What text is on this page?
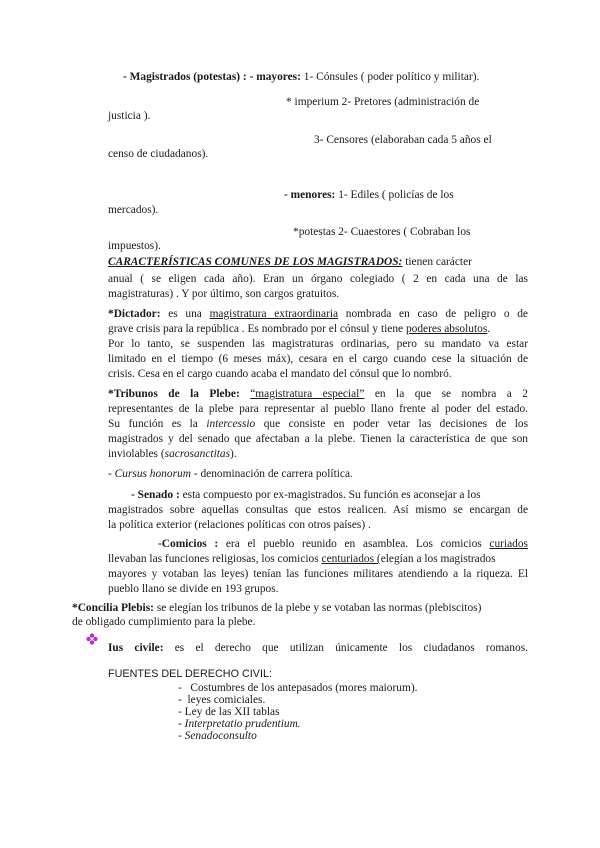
- Magistrados (potestas) : - mayores: 1- Cónsules ( poder político y militar).
* imperium 2- Pretores (administración de
justicia ).
3- Censores (elaboraban cada 5 años el
censo de ciudadanos).
- menores: 1- Ediles ( policías de los
mercados).
*potestas 2- Cuaestores ( Cobraban los
impuestos).
CARACTERÍSTICAS COMUNES DE LOS MAGISTRADOS: tienen carácter
anual ( se eligen cada año). Eran un órgano colegiado ( 2 en cada una de las
magistraturas) . Y por último, son cargos gratuitos.
*Dictador: es una magistratura extraordinaria nombrada en caso de peligro o de
grave crisis para la república . Es nombrado por el cónsul y tiene poderes absolutos.
Por lo tanto, se suspenden las magistraturas ordinarias, pero su mandato va estar
limitado en el tiempo (6 meses máx), cesara en el cargo cuando cese la situación de
crisis. Cesa en el cargo cuando acaba el mandato del cónsul que lo nombró.
*Tribunos de la Plebe: “magistratura especial” en la que se nombra a 2
representantes de la plebe para representar al pueblo llano frente al poder del estado.
Su función es la intercessio que consiste en poder vetar las decisiones de los
magistrados y del senado que afectaban a la plebe. Tienen la característica de que son
inviolables (sacrosanctitas).
- Cursus honorum - denominación de carrera política.
- Senado : esta compuesto por ex-magistrados. Su función es aconsejar a los
magistrados sobre aquellas consultas que estos realicen. Así mismo se encargan de
la política exterior (relaciones políticas con otros países) .
-Comicios : era el pueblo reunido en asamblea. Los comicios curiados
llevaban las funciones religiosas, los comicios centuriados (elegían a los magistrados
mayores y votaban las leyes) tenían las funciones militares atendiendo a la riqueza. El
pueblo llano se divide en 193 grupos.
*Concilia Plebis: se elegían los tribunos de la plebe y se votaban las normas (plebiscitos)
de obligado cumplimiento para la plebe.
Ius civile: es el derecho que utilizan únicamente los ciudadanos romanos.
FUENTES DEL DERECHO CIVIL:
- Costumbres de los antepasados (mores maiorum).
- leyes comiciales.
- Ley de las XII tablas
- Interpretatio prudentium.
- Senadoconsulto
